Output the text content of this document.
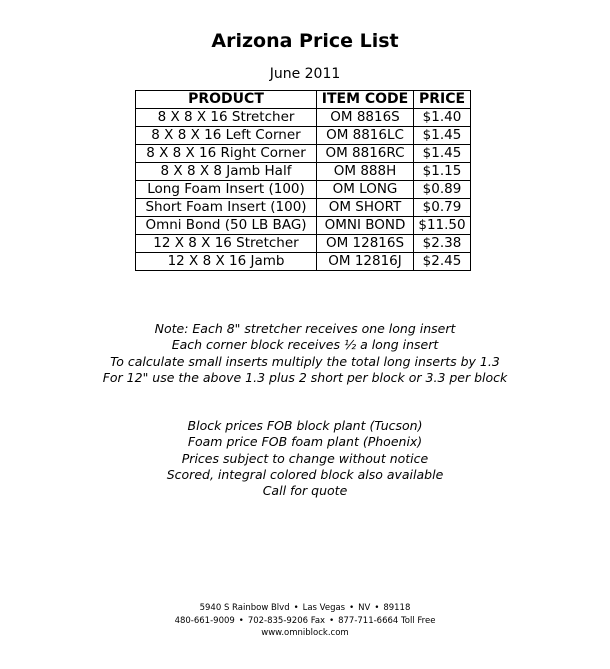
Arizona Price List
June 2011
PRODUCT	ITEM CODE	PRICE
8 X 8 X 16 Stretcher	OM 8816S	$1.40
8 X 8 X 16 Left Corner	OM 8816LC	$1.45
8 X 8 X 16 Right Corner	OM 8816RC	$1.45
8 X 8 X 8 Jamb Half	OM 888H	$1.15
Long Foam Insert (100)	OM LONG	$0.89
Short Foam Insert (100)	OM SHORT	$0.79
Omni Bond (50 LB BAG)	OMNI BOND	$11.50
12 X 8 X 16 Stretcher	OM 12816S	$2.38
12 X 8 X 16 Jamb	OM 12816J	$2.45
Note: Each 8" stretcher receives one long insert
Each corner block receives ½ a long insert
To calculate small inserts multiply the total long inserts by 1.3
For 12" use the above 1.3 plus 2 short per block or 3.3 per block
Block prices FOB block plant (Tucson)
Foam price FOB foam plant (Phoenix)
Prices subject to change without notice
Scored, integral colored block also available
Call for quote
5940 S Rainbow Blvd • Las Vegas • NV • 89118
480-661-9009 • 702-835-9206 Fax • 877-711-6664 Toll Free
www.omniblock.com
